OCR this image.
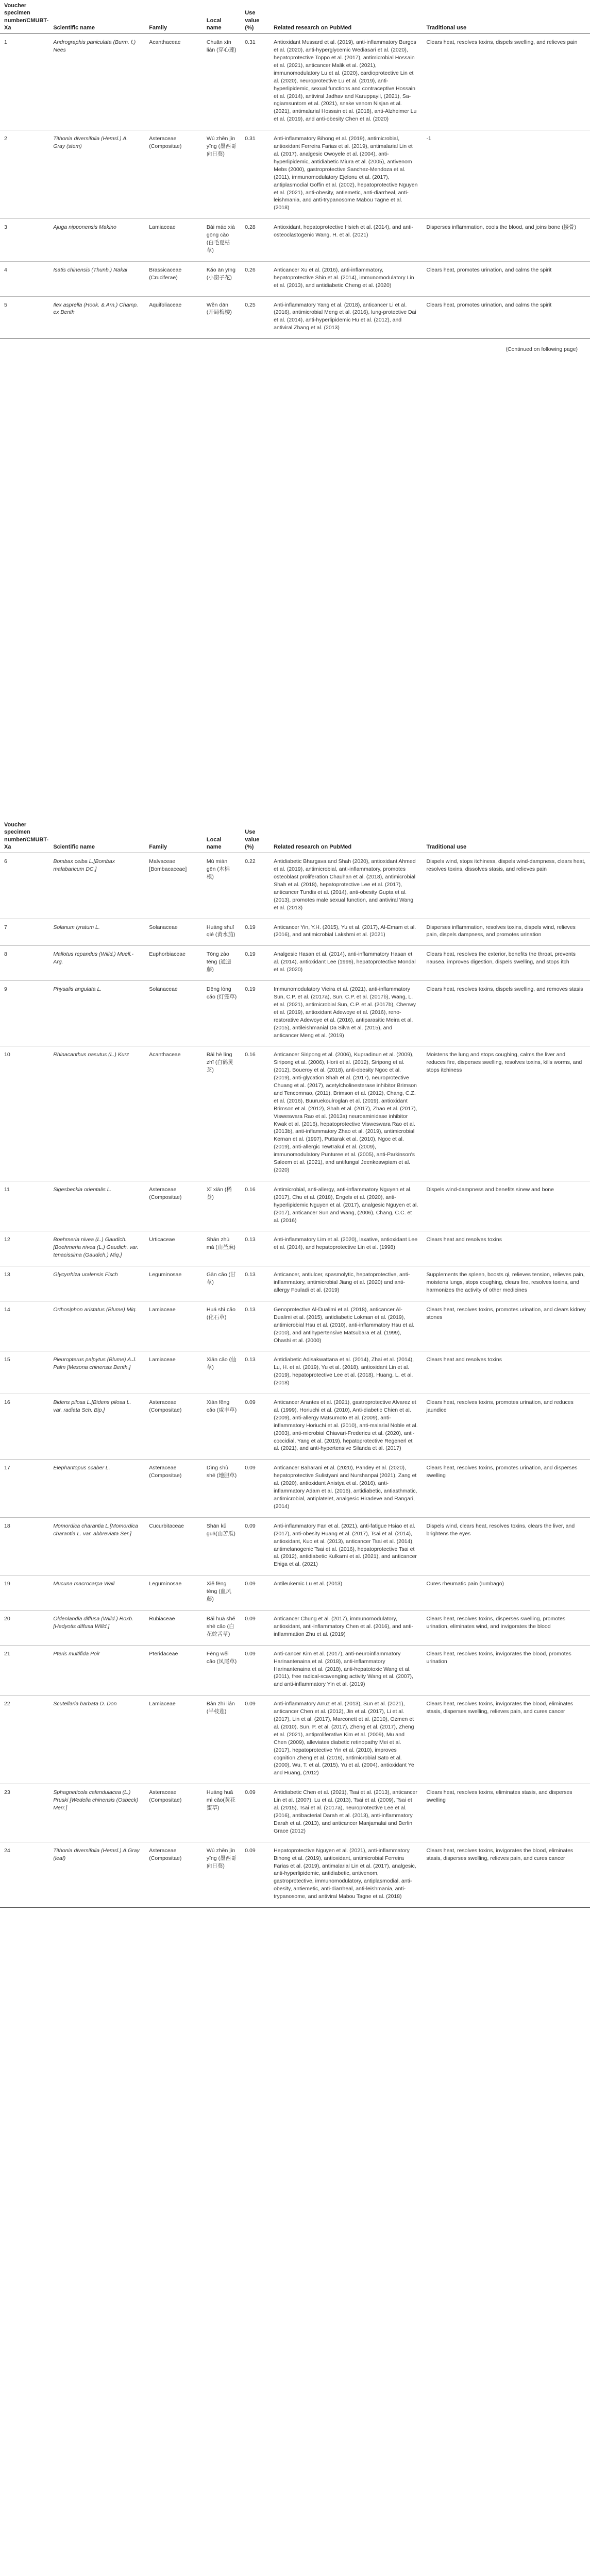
Voucher specimen number/CMUBT-Xa	Scientific name	Family	Local name	Use value (%)	Related research on PubMed	Traditional use
1	Andrographis paniculata (Burm. f.) Nees	Acanthaceae	Chuān xīn lián (穿心莲)	0.31	Antioxidant Mussard et al. (2019), anti-inflammatory Burgos et al. (2020), anti-hyperglycemic Wediasari et al. (2020), hepatoprotective Toppo et al. (2017), antimicrobial Hossain et al. (2021), anticancer Malik et al. (2021), immunomodulatory Lu et al. (2020), cardioprotective Lin et al. (2020), neuroprotective Lu et al. (2019), anti-hyperlipidemic, sexual functions and contraceptive Hossain et al. (2014), antiviral Jadhav and Karuppayil, (2021), Sa-ngiamsuntorn et al. (2021), snake venom Nisjan et al. (2021), antimalarial Hossain et al. (2018), anti-Alzheimer Lu et al. (2019), and anti-obesity Chen et al. (2020)	Clears heat, resolves toxins, dispels swelling, and relieves pain
2	Tithonia diversifolia (Hemsl.) A. Gray (stem)	Asteraceae (Compositae)	Wú zhěn jīn yīng (墨西哥向日葵)	0.31	Anti-inflammatory Bihong et al. (2019), antimicrobial, antioxidant Ferreira Farias et al. (2019), antimalarial Lin et al. (2017), analgesic Owoyele et al. (2004), anti-hyperlipidemic, antidiabetic Miura et al. (2005), antivenom Mebs (2000), gastroprotective Sanchez-Mendoza et al. (2011), immunomodulatory Ejelonu et al. (2017), antiplasmodial Goffin et al. (2002), hepatoprotective Nguyen et al. (2021), anti-obesity, antiemetic, anti-diarrheal, anti-leishmania, and anti-trypanosome Mabou Tagne et al. (2018)	-1
3	Ajuga nipponensis Makino	Lamiaceae	Bái máo xià gōng cǎo (白毛夏枯草)	0.28	Antioxidant, hepatoprotective Hsieh et al. (2014), and anti-osteoclastogenic Wang, H. et al. (2021)	Disperses inflammation, cools the blood, and joins bone (接骨)
4	Isatis chinensis (Thunb.) Nakai	Brassicaceae (Cruciferae)	Kǎo ān yīng (小窗子花)	0.26	Anticancer Xu et al. (2016), anti-inflammatory, hepatoprotective Shin et al. (2014), immunomodulatory Lin et al. (2013), and antidiabetic Cheng et al. (2020)	Clears heat, promotes urination, and calms the spirit
5	Ilex asprella (Hook. & Arn.) Champ. ex Benth	Aquifoliaceae	Wěn dān (开局梅楼)	0.25	Anti-inflammatory Yang et al. (2018), anticancer Li et al. (2016), antimicrobial Meng et al. (2016), lung-protective Dai et al. (2014), anti-hyperlipidemic Hu et al. (2012), and antiviral Zhang et al. (2013)	Clears heat, promotes urination, and calms the spirit
(Continued on following page)
Voucher specimen number/CMUBT-Xa	Scientific name	Family	Local name	Use value (%)	Related research on PubMed	Traditional use
6	Bombax ceiba L.[Bombax malabaricum DC.]	Malvaceae [Bombacaceae]	Mù mián gēn (木棉根)	0.22	Antidiabetic Bhargava and Shah (2020), antioxidant Ahmed et al. (2019), antimicrobial, anti-inflammatory, promotes osteoblast proliferation Chauhan et al. (2018), antimicrobial Shah et al. (2018), hepatoprotective Lee et al. (2017), anticancer Tundis et al. (2014), anti-obesity Gupta et al. (2013), promotes male sexual function, and antiviral Wang et al. (2013)	Dispels wind, stops itchiness, dispels wind-dampness, clears heat, resolves toxins, dissolves stasis, and relieves pain
7	Solanum lyratum L.	Solanaceae	Huáng shuǐ qié (黄水茄)	0.19	Anticancer Yin, Y.H. (2015), Yu et al. (2017), Al-Emam et al. (2016), and antimicrobial Lakshmi et al. (2021)	Disperses inflammation, resolves toxins, dispels wind, relieves pain, dispels dampness, and promotes urination
8	Mallotus repandus (Willd.) Muell.-Arg.	Euphorbiaceae	Tōng zào téng (通造藤)	0.19	Analgesic Hasan et al. (2014), anti-inflammatory Hasan et al. (2014), antioxidant Lee (1996), hepatoprotective Mondal et al. (2020)	Clears heat, resolves the exterior, benefits the throat, prevents nausea, improves digestion, dispels swelling, and stops itch
9	Physalis angulata L.	Solanaceae	Dēng lóng cǎo (灯笼草)	0.19	Immunomodulatory Vieira et al. (2021), anti-inflammatory Sun, C.P. et al. (2017a), Sun, C.P. et al. (2017b), Wang, L. et al. (2021), antimicrobial Sun, C.P. et al. (2017b), Chenwy et al. (2019), antioxidant Adewoye et al. (2016), reno-restorative Adewoye et al. (2016), antiparasitic Meira et al. (2015), antileishmanial Da Silva et al. (2015), and anticancer Meng et al. (2019)	Clears heat, resolves toxins, dispels swelling, and removes stasis
10	Rhinacanthus nasutus (L.) Kurz	Acanthaceae	Bái hè líng zhī (白鹤灵芝)	0.16	Anticancer Siripong et al. (2006), Kupradinun et al. (2009), Siripong et al. (2006), Horii et al. (2012), Siripong et al. (2012), Boueroy et al. (2018), anti-obesity Ngoc et al. (2019), anti-glycation Shah et al. (2017), neuroprotective Chuang et al. (2017), acetylcholinesterase inhibitor Brimson and Tencomnao, (2011), Brimson et al. (2012), Chang, C.Z. et al. (2016), Buuruekoulroglan et al. (2019), antioxidant Brimson et al. (2012), Shah et al. (2017), Zhao et al. (2017), Visweswara Rao et al. (2013a) neuroaminidase inhibitor Kwak et al. (2016), hepatoprotective Visweswara Rao et al. (2013b), anti-inflammatory Zhao et al. (2019), antimicrobial Kernan et al. (1997), Puttarak et al. (2010), Ngoc et al. (2019), anti-allergic Tewtrakul et al. (2009), immunomodulatory Punturee et al. (2005), anti-Parkinson's Saleem et al. (2021), and antifungal Jeenkeawpiam et al. (2020)	Moistens the lung and stops coughing, calms the liver and reduces fire, disperses swelling, resolves toxins, kills worms, and stops itchiness
11	Sigesbeckia orientalis L.	Asteraceae (Compositae)	Xī xiān (稀莶)	0.16	Antimicrobial, anti-allergy, anti-inflammatory Nguyen et al. (2017), Chu et al. (2018), Engels et al. (2020), anti-hyperlipidemic Nguyen et al. (2017), analgesic Nguyen et al. (2017), anticancer Sun and Wang, (2006), Chang, C.C. et al. (2016)	Dispels wind-dampness and benefits sinew and bone
12	Boehmeria nivea (L.) Gaudich.[Boehmeria nivea (L.) Gaudich. var. tenacissima (Gaudich.) Miq.]	Urticaceae	Shān zhù má (山苎麻)	0.13	Anti-inflammatory Lim et al. (2020), laxative, antioxidant Lee et al. (2014), and hepatoprotective Lin et al. (1998)	Clears heat and resolves toxins
13	Glycyrrhiza uralensis Fisch	Leguminosae	Gān cǎo (甘草)	0.13	Anticancer, antiulcer, spasmolytic, hepatoprotective, anti-inflammatory, antimicrobial Jiang et al. (2020) and anti-allergy Fouladi et al. (2019)	Supplements the spleen, boosts qi, relieves tension, relieves pain, moistens lungs, stops coughing, clears fire, resolves toxins, and harmonizes the activity of other medicines
14	Orthosiphon aristatus (Blume) Miq.	Lamiaceae	Huá shì cǎo (化石草)	0.13	Genoprotective Al-Dualimi et al. (2018), anticancer Al-Dualimi et al. (2015), antidiabetic Lokman et al. (2019), antimicrobial Hsu et al. (2010), anti-inflammatory Hsu et al. (2010), and antihypertensive Matsubara et al. (1999), Ohashi et al. (2000)	Clears heat, resolves toxins, promotes urination, and clears kidney stones
15	Pleuropterus palpytus (Blume) A.J. Palm [Mesona chinensis Benth.]	Lamiaceae	Xiān cǎo (仙草)	0.13	Antidiabetic Adisakwattana et al. (2014), Zhai et al. (2014), Lu, H. et al. (2019), Yu et al. (2018), antioxidant Lin et al. (2019), hepatoprotective Lee et al. (2018), Huang, L. et al. (2018)	Clears heat and resolves toxins
16	Bidens pilosa L.[Bidens pilosa L. var. radiata Sch. Bip.]	Asteraceae (Compositae)	Xián fēng cǎo (咸丰草)	0.09	Anticancer Arantes et al. (2021), gastroprotective Alvarez et al. (1999), Horiuchi et al. (2010), Anti-diabetic Chien et al. (2009), anti-allergy Matsumoto et al. (2009), anti-inflammatory Horiuchi et al. (2010), anti-malarial Noble et al. (2003), anti-microbial Chiavari-Fredericu et al. (2020), anti-coccidial, Yang et al. (2019), hepatoprotective Regenerl et al. (2021), and anti-hypertensive Silanda et al. (2017)	Clears heat, resolves toxins, promotes urination, and reduces jaundice
17	Elephantopus scaber L.	Asteraceae (Compositae)	Dìng shù shé (地胆草)	0.09	Anticancer Baharani et al. (2020), Pandey et al. (2020), hepatoprotective Sulistyani and Nurshanpai (2021), Zang et al. (2020), antioxidant Anistya et al. (2016), anti-inflammatory Adam et al. (2016), antidiabetic, antiasthmatic, antimicrobial, antiplatelet, analgesic Hiradeve and Rangari, (2014)	Clears heat, resolves toxins, promotes urination, and disperses swelling
18	Momordica charantia L.[Momordica charantia L. var. abbreviata Ser.]	Cucurbitaceae	Shān kǔ guā(山苦瓜)	0.09	Anti-inflammatory Fan et al. (2021), anti-fatigue Hsiao et al. (2017), anti-obesity Huang et al. (2017), Tsai et al. (2014), antioxidant, Kuo et al. (2013), anticancer Tsai et al. (2014), antimelanogenic Tsai et al. (2016), hepatoprotective Tsai et al. (2012), antidiabetic Kulkarni et al. (2021), and anticancer Ehiga et al. (2021)	Dispels wind, clears heat, resolves toxins, clears the liver, and brightens the eyes
19	Mucuna macrocarpa Wall	Leguminosae	Xiě fēng téng (血风藤)	0.09	Antileukemic Lu et al. (2013)	Cures rheumatic pain (Iumbago)
20	Oldenlandia diffusa (Willd.) Roxb.[Hedyotis diffusa Willd.]	Rubiaceae	Bái huā shé shé cǎo (白花蛇舌草)	0.09	Anticancer Chung et al. (2017), immunomodulatory, antioxidant, anti-inflammatory Chen et al. (2016), and anti-inflammation Zhu et al. (2019)	Clears heat, resolves toxins, disperses swelling, promotes urination, eliminates wind, and invigorates the blood
21	Pteris multifida Poir	Pteridaceae	Fèng wěi cǎo (凤尾草)	0.09	Anti-cancer Kim et al. (2017), anti-neuroinflammatory Harinantenaina et al. (2018), anti-inflammatory Harinantenaina et al. (2018), anti-hepatotoxic Wang et al. (2011), free radical-scavenging activity Wang et al. (2007), and anti-inflammatory Yin et al. (2019)	Clears heat, resolves toxins, invigorates the blood, promotes urination
22	Scutellaria barbata D. Don	Lamiaceae	Bàn zhī lián (半枝莲)	0.09	Anti-inflammatory Arruz et al. (2013), Sun et al. (2021), anticancer Chen et al. (2012), Jin et al. (2017), Li et al. (2017), Lin et al. (2017), Marconett et al. (2010), Ozmen et al. (2010), Sun, P. et al. (2017), Zheng et al. (2017), Zheng et al. (2021), antiproliferative Kim et al. (2009), Mu and Chen (2009), alleviates diabetic retinopathy Mei et al. (2017), hepatoprotective Yin et al. (2010), improves cognition Zheng et al. (2016), antimicrobial Sato et al. (2000), Wu, T. et al. (2015), Yu et al. (2004), antioxidant Ye and Huang, (2012)	Clears heat, resolves toxins, invigorates the blood, eliminates stasis, disperses swelling, relieves pain, and cures cancer
23	Sphagneticola calendulacea (L.) Pruski [Wedelia chinensis (Osbeck) Merr.]	Asteraceae (Compositae)	Huáng huā mì cǎo(黄花蜜草)	0.09	Antidiabetic Chen et al. (2021), Tsai et al. (2013), anticancer Lin et al. (2007), Lu et al. (2013), Tsai et al. (2009), Tsai et al. (2015), Tsai et al. (2017a), neuroprotective Lee et al. (2016), antibacterial Darah et al. (2013), anti-inflammatory Darah et al. (2013), and anticancer Manjamalai and Berlin Grace (2012)	Clears heat, resolves toxins, eliminates stasis, and disperses swelling
24	Tithonia diversifolia (Hemsl.) A.Gray (leaf)	Asteraceae (Compositae)	Wú zhěn jīn yīng (墨西哥向日葵)	0.09	Hepatoprotective Nguyen et al. (2021), anti-inflammatory Bihong et al. (2019), antioxidant, antimicrobial Ferreira Farias et al. (2019), antimalarial Lin et al. (2017), analgesic, anti-hyperlipidemic, antidiabetic, antivenom, gastroprotective, immunomodulatory, antiplasmodial, anti-obesity, antiemetic, anti-diarrheal, anti-leishmania, anti-trypanosome, and antiviral Mabou Tagne et al. (2018)	Clears heat, resolves toxins, invigorates the blood, eliminates stasis, disperses swelling, relieves pain, and cures cancer
